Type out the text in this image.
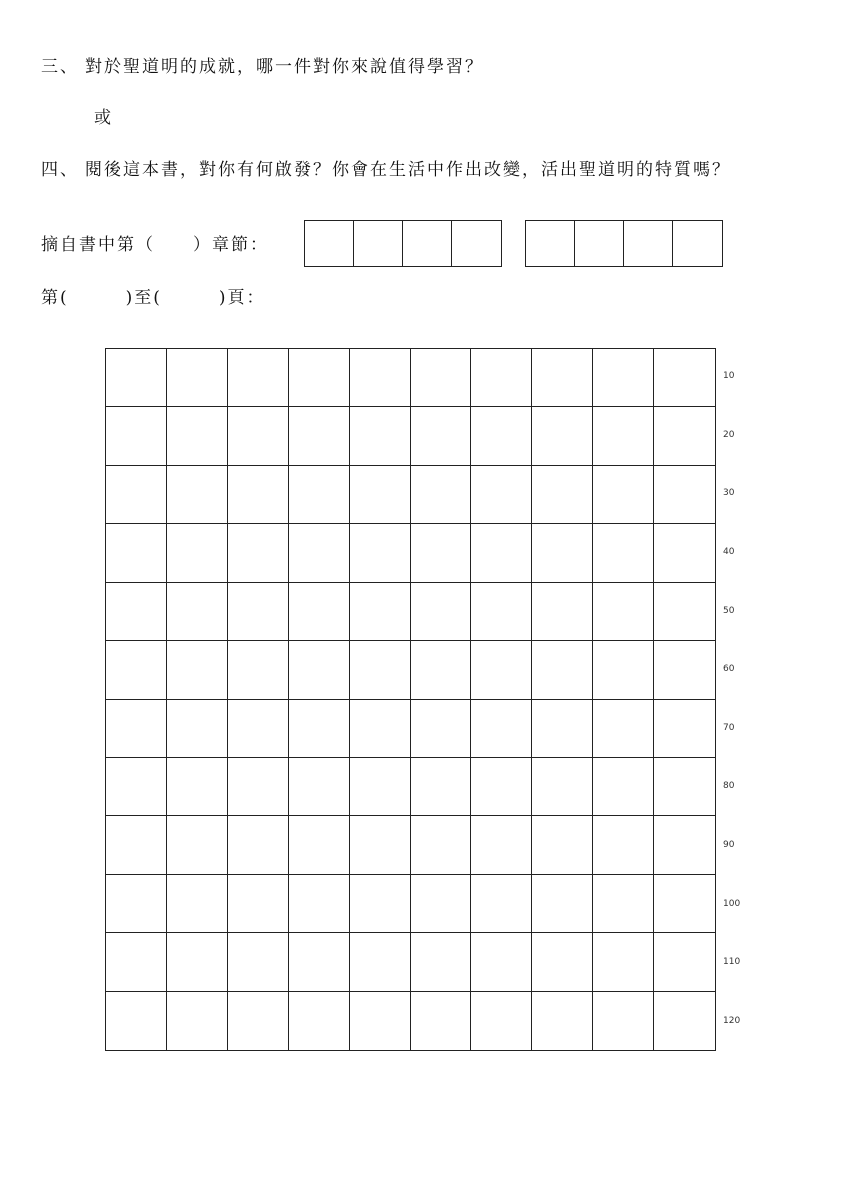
三、 對於聖道明的成就，哪一件對你來說值得學習？
或
四、 閱後這本書，對你有何啟發？你會在生活中作出改變，活出聖道明的特質嗎？
摘自書中第（　　）章節：
第(　　　)至(　　　)頁：
10
20
30
40
50
60
70
80
90
100
110
120
